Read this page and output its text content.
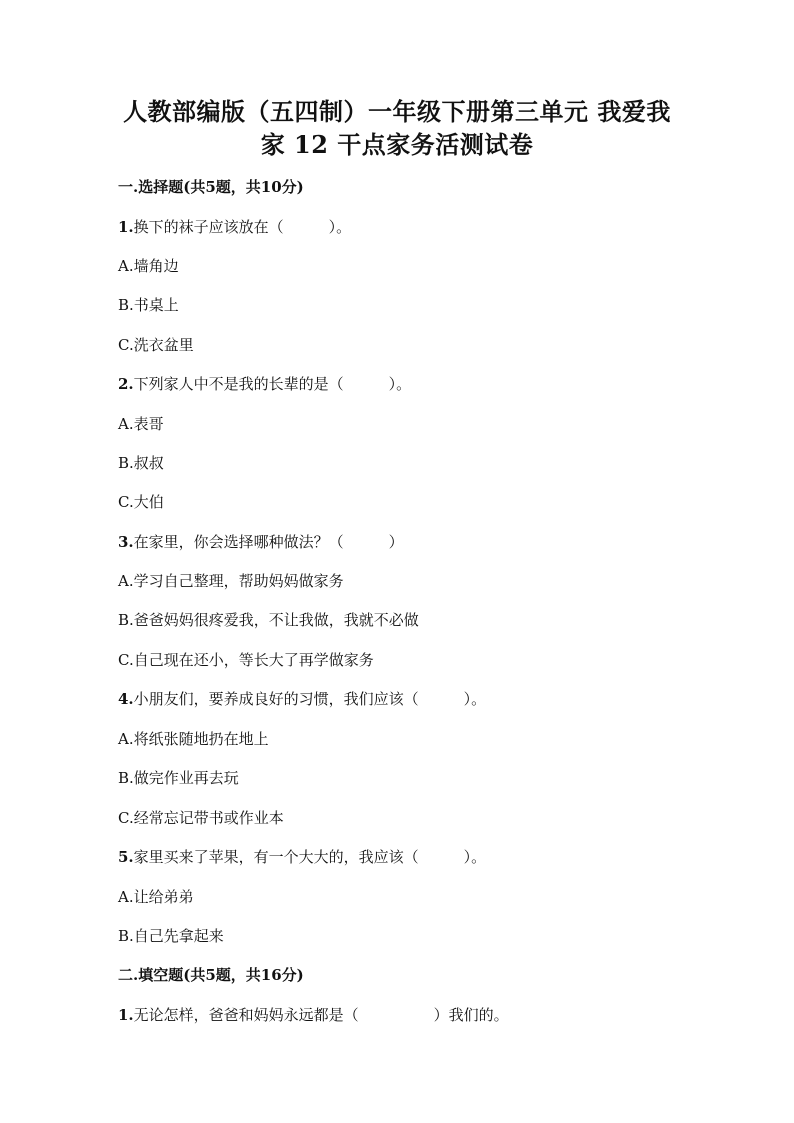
人教部编版（五四制）一年级下册第三单元 我爱我
家 12 干点家务活测试卷
一.选择题(共5题，共10分)
1.换下的袜子应该放在（　　　）。
A.墙角边
B.书桌上
C.洗衣盆里
2.下列家人中不是我的长辈的是（　　　）。
A.表哥
B.叔叔
C.大伯
3.在家里，你会选择哪种做法？（　　　）
A.学习自己整理，帮助妈妈做家务
B.爸爸妈妈很疼爱我，不让我做，我就不必做
C.自己现在还小，等长大了再学做家务
4.小朋友们，要养成良好的习惯，我们应该（　　　）。
A.将纸张随地扔在地上
B.做完作业再去玩
C.经常忘记带书或作业本
5.家里买来了苹果，有一个大大的，我应该（　　　）。
A.让给弟弟
B.自己先拿起来
二.填空题(共5题，共16分)
1.无论怎样，爸爸和妈妈永远都是（　　　　　）我们的。
